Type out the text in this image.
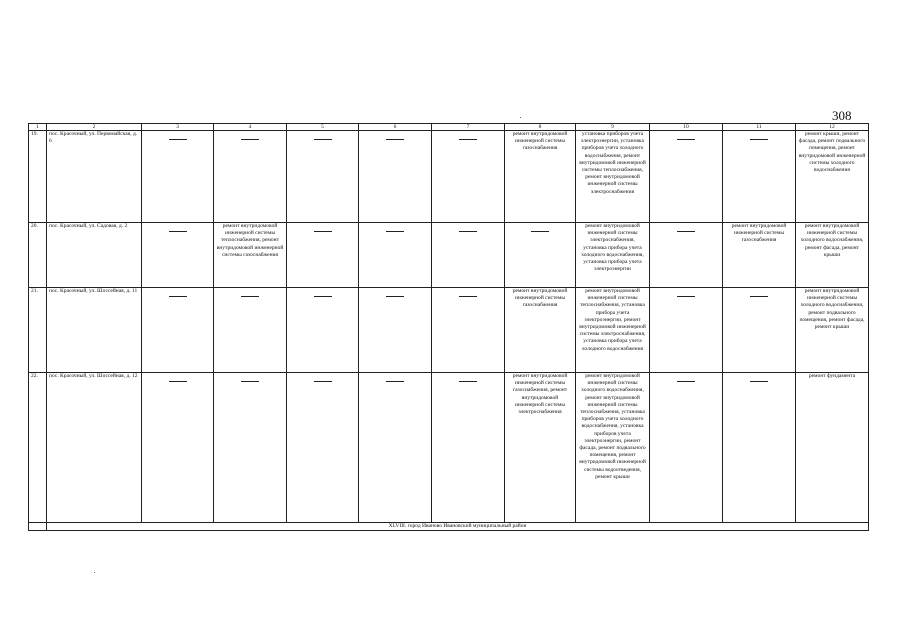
308
1	2	3	4	5	6	7	8	9	10	11	12
19.	пос. Красочный, ул. Первомайская, д. 6						ремонт внутридомовой инженерной системы газоснабжения	установка приборов учета электроэнергии, установка приборов учета холодного водоснабжения, ремонт внутридомовой инженерной системы теплоснабжения, ремонт внутридомовой инженерной системы электроснабжения			ремонт крыши, ремонт фасада, ремонт подвального помещения, ремонт внутридомовой инженерной системы холодного водоснабжения
20.	пос. Красочный, ул. Садовая, д. 2		ремонт внутридомовой инженерной системы теплоснабжения, ремонт внутридомовой инженерной системы газоснабжения					ремонт внутридомовой инженерной системы электроснабжения, установка прибора учета холодного водоснабжения, установка прибора учета электроэнергии		ремонт внутридомовой инженерной системы газоснабжения	ремонт внутридомовой инженерной системы холодного водоснабжения, ремонт фасада, ремонт крыши
21.	пос. Красочный, ул. Шоссейная, д. 11						ремонт внутридомовой инженерной системы газоснабжения	ремонт внутридомовой инженерной системы теплоснабжения, установка прибора учета электроэнергии, ремонт внутридомовой инженерной системы электроснабжения, установка прибора учета холодного водоснабжения			ремонт внутридомовой инженерной системы холодного водоснабжения, ремонт подвального помещения, ремонт фасада, ремонт крыши
22.	пос. Красочный, ул. Шоссейная, д. 12						ремонт внутридомовой инженерной системы газоснабжения, ремонт внутридомовой инженерной системы электроснабжения	ремонт внутридомовой инженерной системы холодного водоснабжения, ремонт внутридомовой инженерной системы теплоснабжения, установка приборов учета холодного водоснабжения, установка приборов учета электроэнергии, ремонт фасада, ремонт подвального помещения, ремонт внутридомовой инженерной системы водоотведения, ремонт крыши			ремонт фундамента
	XLVIII. город Иваново Ивановский муниципальный район										
